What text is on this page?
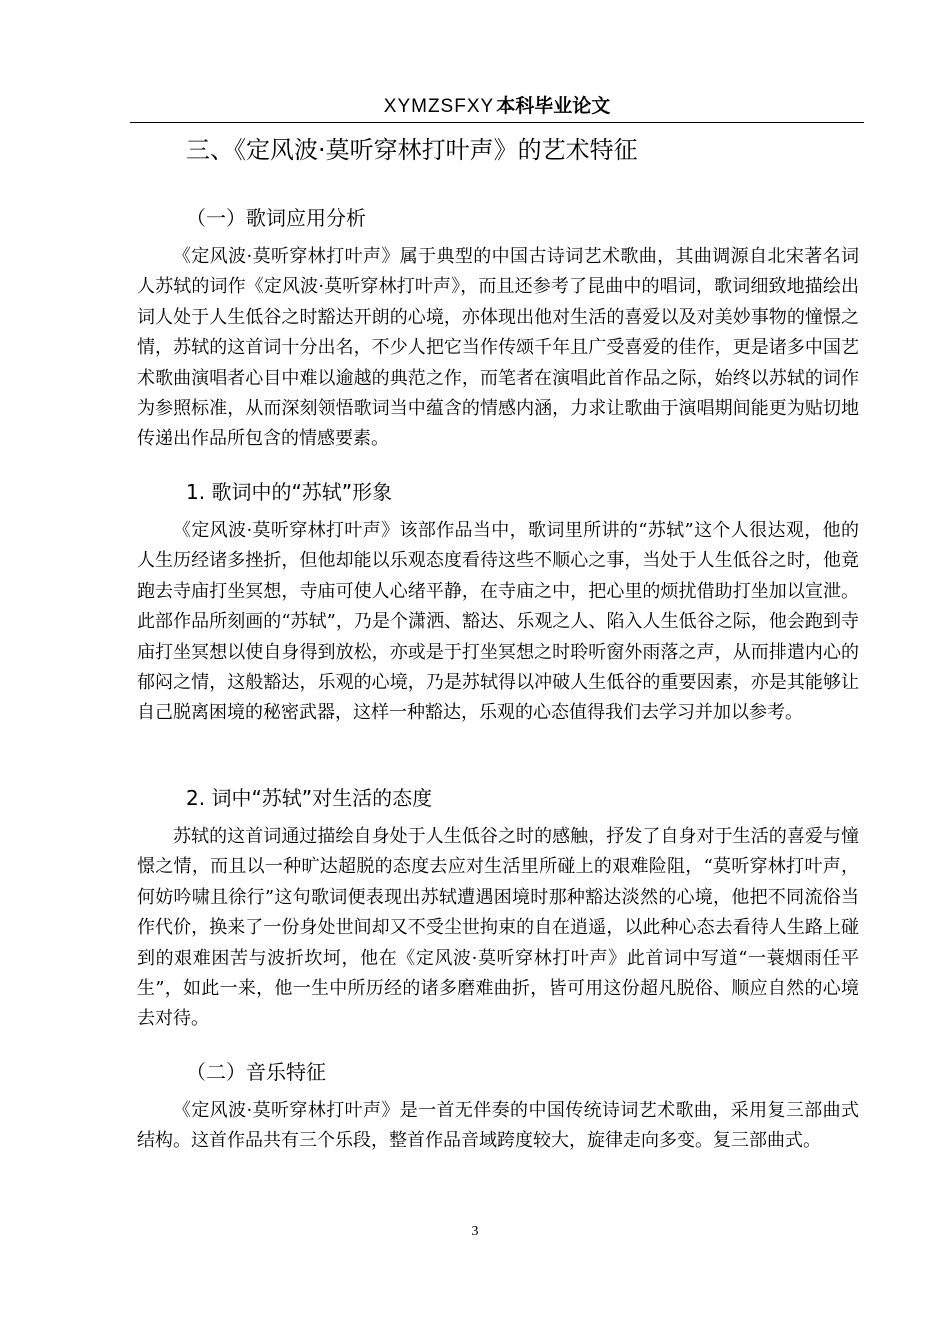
XYMZSFXY 本科毕业论文
三、《定风波·莫听穿林打叶声》的艺术特征
（一）歌词应用分析

《定风波·莫听穿林打叶声》属于典型的中国古诗词艺术歌曲，其曲调源自北宋著名词人苏轼的词作《定风波·莫听穿林打叶声》，而且还参考了昆曲中的唱词，歌词细致地描绘出词人处于人生低谷之时豁达开朗的心境，亦体现出他对生活的喜爱以及对美妙事物的憧憬之情，苏轼的这首词十分出名，不少人把它当作传颂千年且广受喜爱的佳作，更是诸多中国艺术歌曲演唱者心目中难以逾越的典范之作，而笔者在演唱此首作品之际，始终以苏轼的词作为参照标准，从而深刻领悟歌词当中蕴含的情感内涵，力求让歌曲于演唱期间能更为贴切地传递出作品所包含的情感要素。

1. 歌词中的“苏轼”形象

《定风波·莫听穿林打叶声》该部作品当中，歌词里所讲的“苏轼”这个人很达观，他的人生历经诸多挫折，但他却能以乐观态度看待这些不顺心之事，当处于人生低谷之时，他竟跑去寺庙打坐冥想，寺庙可使人心绪平静，在寺庙之中，把心里的烦扰借助打坐加以宣泄。此部作品所刻画的“苏轼”，乃是个潇洒、豁达、乐观之人、陷入人生低谷之际，他会跑到寺庙打坐冥想以使自身得到放松，亦或是于打坐冥想之时聆听窗外雨落之声，从而排遣内心的郁闷之情，这般豁达，乐观的心境，乃是苏轼得以冲破人生低谷的重要因素，亦是其能够让自己脱离困境的秘密武器，这样一种豁达，乐观的心态值得我们去学习并加以参考。

2. 词中“苏轼”对生活的态度

苏轼的这首词通过描绘自身处于人生低谷之时的感触，抒发了自身对于生活的喜爱与憧憬之情，而且以一种旷达超脱的态度去应对生活里所碰上的艰难险阻，“莫听穿林打叶声，何妨吟啸且徐行”这句歌词便表现出苏轼遭遇困境时那种豁达淡然的心境，他把不同流俗当作代价，换来了一份身处世间却又不受尘世拘束的自在逍遥，以此种心态去看待人生路上碰到的艰难困苦与波折坎坷，他在《定风波·莫听穿林打叶声》此首词中写道“一蓑烟雨任平生”，如此一来，他一生中所历经的诸多磨难曲折，皆可用这份超凡脱俗、顺应自然的心境去对待。

（二）音乐特征

《定风波·莫听穿林打叶声》是一首无伴奏的中国传统诗词艺术歌曲，采用复三部曲式结构。这首作品共有三个乐段，整首作品音域跨度较大，旋律走向多变。复三部曲式。

3
